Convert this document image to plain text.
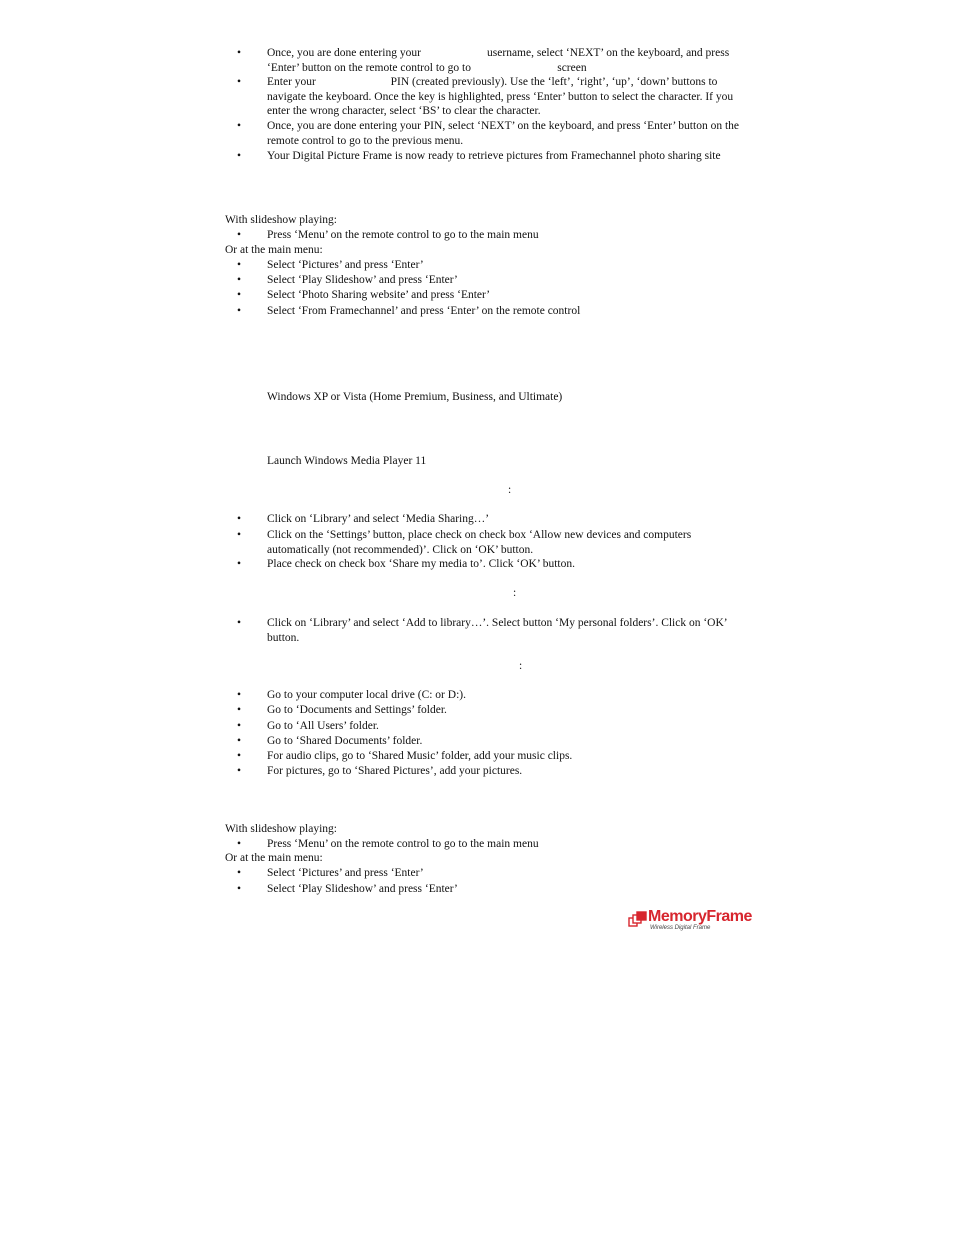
•	Once, you are done entering your                       username, select ‘NEXT’ on the keyboard, and press ‘Enter’ button on the remote control to go to                              screen
•	Enter your                          PIN (created previously). Use the ‘left’, ‘right’, ‘up’, ‘down’ buttons to navigate the keyboard. Once the key is highlighted, press ‘Enter’ button to select the character. If you enter the wrong character, select ‘BS’ to clear the character.
•	Once, you are done entering your PIN, select ‘NEXT’ on the keyboard, and press ‘Enter’ button on the remote control to go to the previous menu.
•	Your Digital Picture Frame is now ready to retrieve pictures from Framechannel photo sharing site
With slideshow playing:
•	Press ‘Menu’ on the remote control to go to the main menu
Or at the main menu:
•	Select ‘Pictures’ and press ‘Enter’
•	Select ‘Play Slideshow’ and press ‘Enter’
•	Select ‘Photo Sharing website’ and press ‘Enter’
•	Select ‘From Framechannel’ and press ‘Enter’ on the remote control
Windows XP or Vista (Home Premium, Business, and Ultimate)
Launch Windows Media Player 11
:
•	Click on ‘Library’ and select ‘Media Sharing…’
•	Click on the ‘Settings’ button, place check on check box ‘Allow new devices and computers automatically (not recommended)’. Click on ‘OK’ button.
•	Place check on check box ‘Share my media to’. Click ‘OK’ button.
:
•	Click on ‘Library’ and select ‘Add to library…’. Select button ‘My personal folders’. Click on ‘OK’ button.
:
•	Go to your computer local drive (C: or D:).
•	Go to ‘Documents and Settings’ folder.
•	Go to ‘All Users’ folder.
•	Go to ‘Shared Documents’ folder.
•	For audio clips, go to ‘Shared Music’ folder, add your music clips.
•	For pictures, go to ‘Shared Pictures’, add your pictures.
With slideshow playing:
•	Press ‘Menu’ on the remote control to go to the main menu
Or at the main menu:
•	Select ‘Pictures’ and press ‘Enter’
•	Select ‘Play Slideshow’ and press ‘Enter’
MemoryFrame
Wireless Digital Frame
